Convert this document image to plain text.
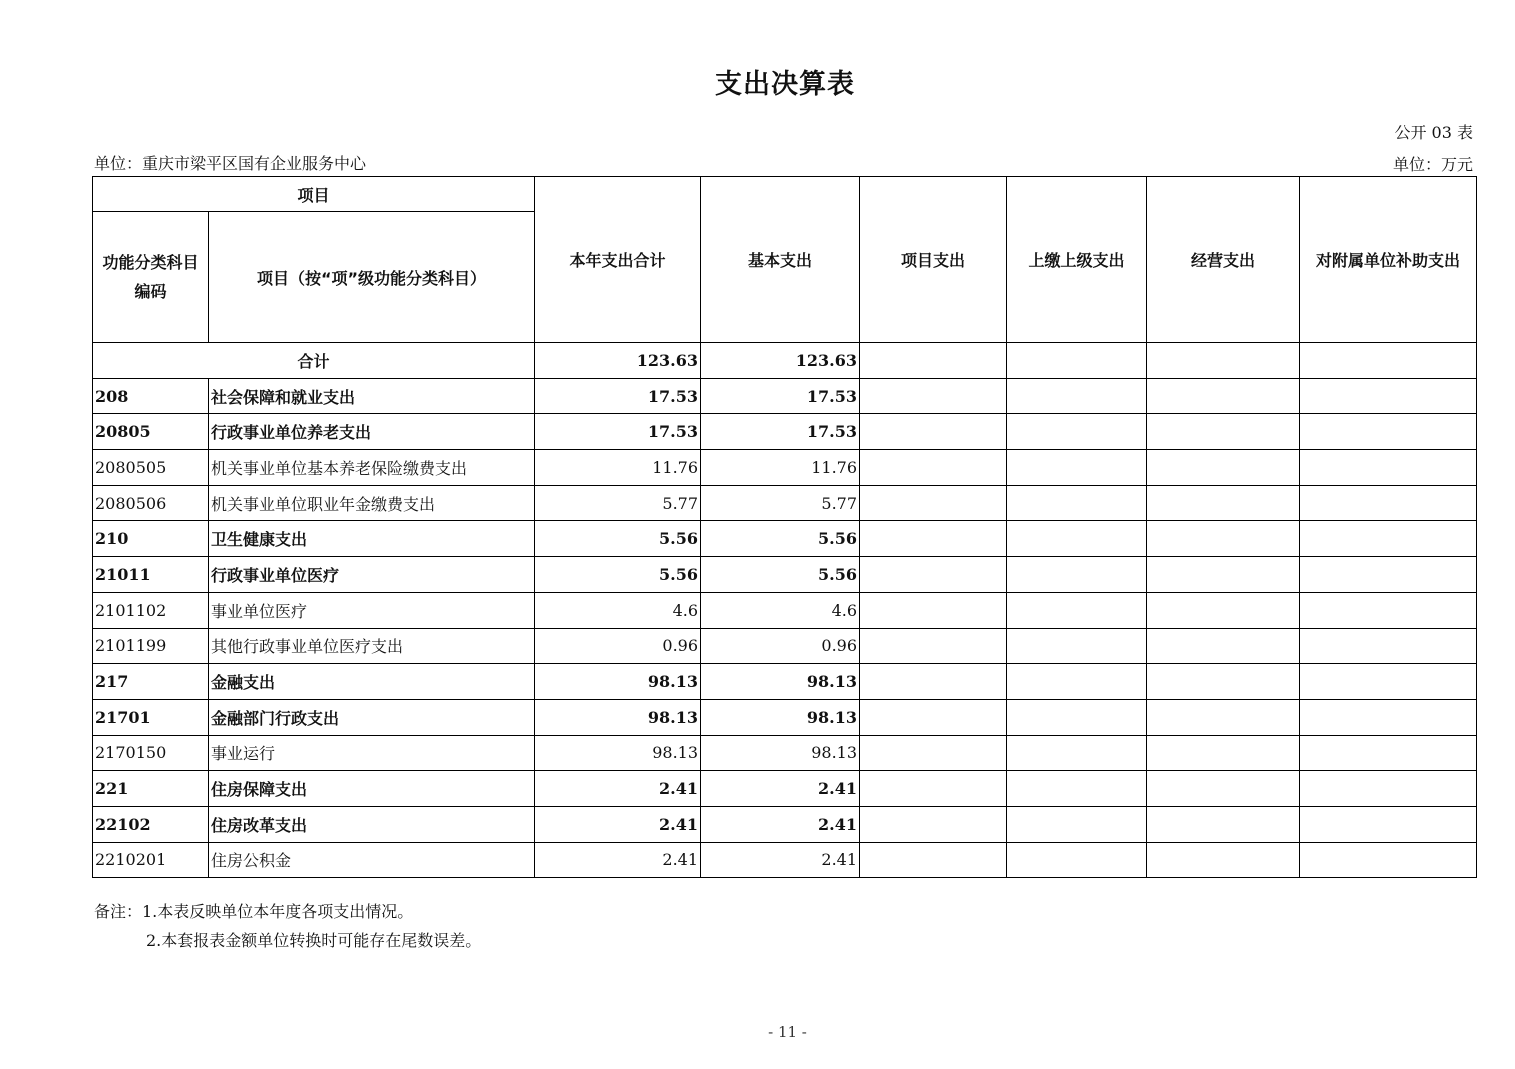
支出决算表
公开 03 表
单位：重庆市梁平区国有企业服务中心	单位：万元
项目		本年支出合计	基本支出	项目支出	上缴上级支出	经营支出	对附属单位补助支出
功能分类科目编码	项目（按“项”级功能分类科目）						
合计		123.63	123.63				
208	社会保障和就业支出	17.53	17.53				
20805	行政事业单位养老支出	17.53	17.53				
2080505	机关事业单位基本养老保险缴费支出	11.76	11.76				
2080506	机关事业单位职业年金缴费支出	5.77	5.77				
210	卫生健康支出	5.56	5.56				
21011	行政事业单位医疗	5.56	5.56				
2101102	事业单位医疗	4.6	4.6				
2101199	其他行政事业单位医疗支出	0.96	0.96				
217	金融支出	98.13	98.13				
21701	金融部门行政支出	98.13	98.13				
2170150	事业运行	98.13	98.13				
221	住房保障支出	2.41	2.41				
22102	住房改革支出	2.41	2.41				
2210201	住房公积金	2.41	2.41				
备注：1.本表反映单位本年度各项支出情况。
2.本套报表金额单位转换时可能存在尾数误差。
- 11 -
